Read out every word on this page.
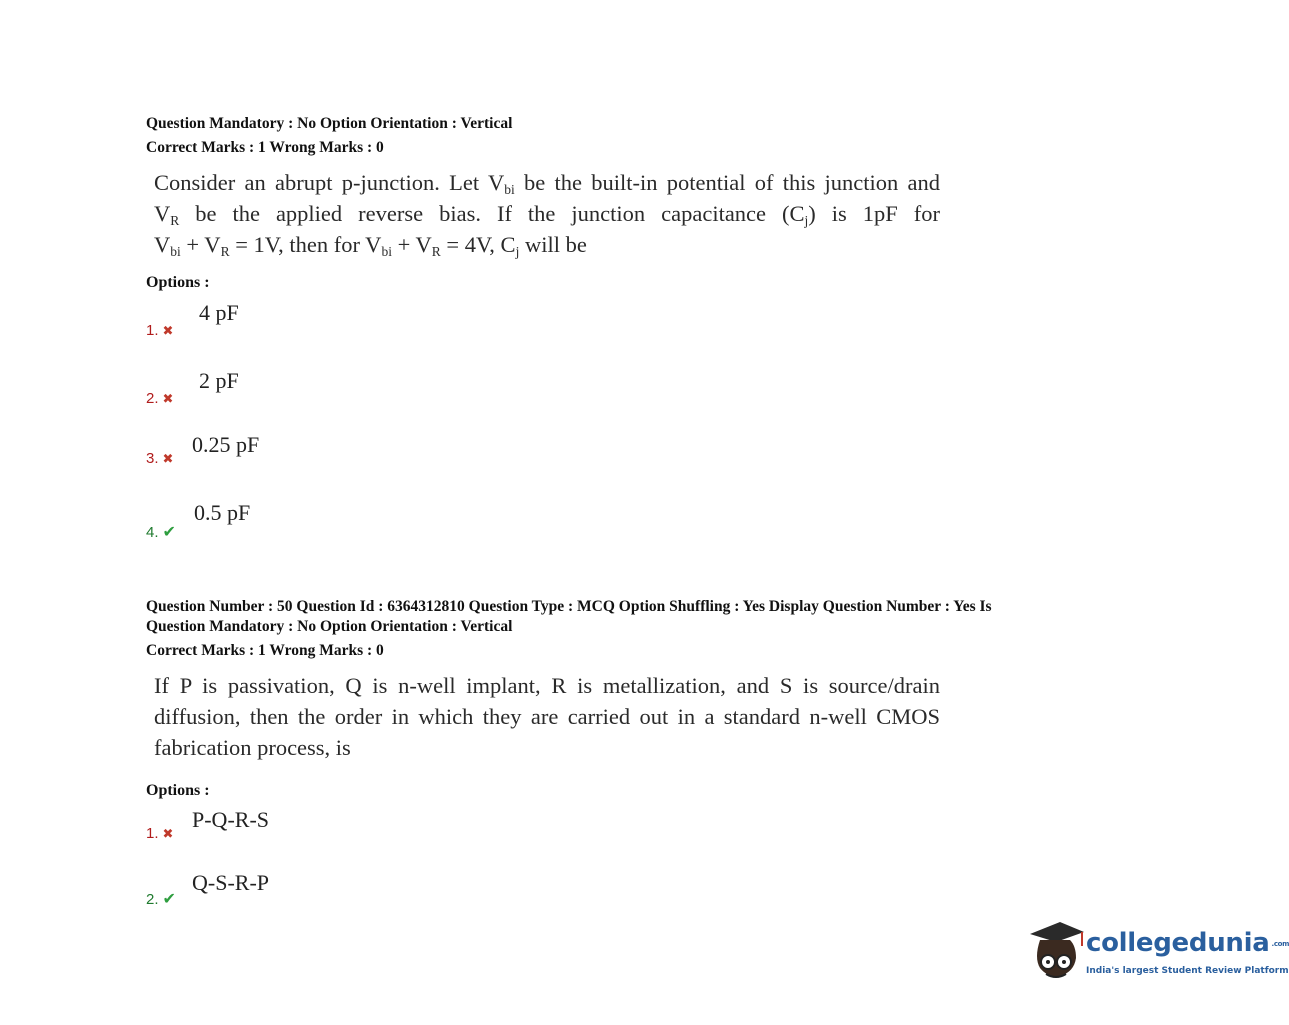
Question Mandatory : No Option Orientation : Vertical

Correct Marks : 1 Wrong Marks : 0

Consider an abrupt p-junction. Let $V_{bi}$ be the built-in potential of this junction and
$V_R$ be the applied reverse bias. If the junction capacitance $(C_j)$ is 1pF for
$V_{bi} + V_R = 1V$, then for $V_{bi} + V_R = 4V$, $C_j$ will be

Options :

1. ✖
4 pF
2. ✖
2 pF
3. ✖
0.25 pF
4. ✔
0.5 pF

Question Number : 50 Question Id : 6364312810 Question Type : MCQ Option Shuffling : Yes Display Question Number : Yes Is

Question Mandatory : No Option Orientation : Vertical

Correct Marks : 1 Wrong Marks : 0

If P is passivation, Q is n-well implant, R is metallization, and S is source/drain
diffusion, then the order in which they are carried out in a standard n-well CMOS
fabrication process, is

Options :

1. ✖
P-Q-R-S
2. ✔
Q-S-R-P
collegedunia .com
India's largest Student Review Platform
